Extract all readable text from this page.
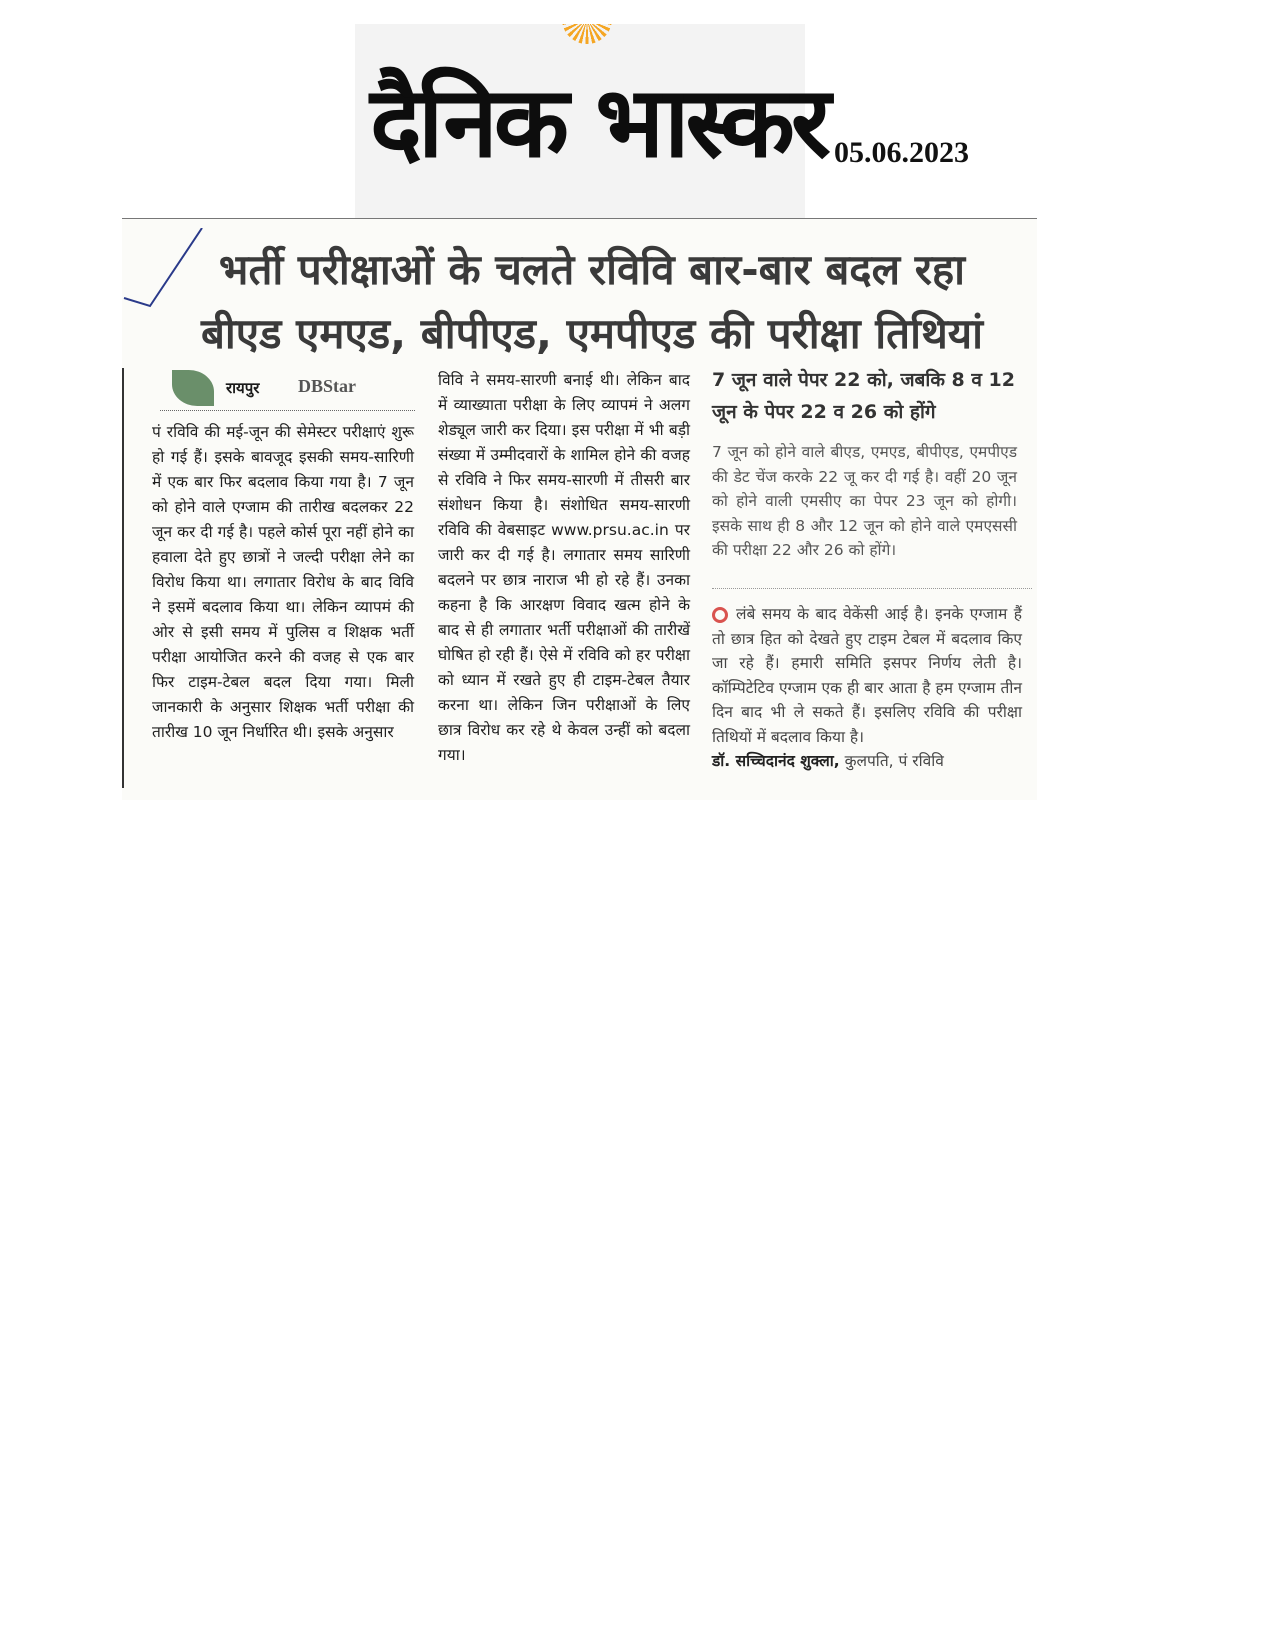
दैनिक भास्कर 05.06.2023
भर्ती परीक्षाओं के चलते रविवि बार-बार बदल रहा
बीएड एमएड, बीपीएड, एमपीएड की परीक्षा तिथियां
रायपुर DBStar
पं रविवि की मई-जून की सेमेस्टर परीक्षाएं शुरू हो गई हैं। इसके बावजूद इसकी समय-सारिणी में एक बार फिर बदलाव किया गया है। 7 जून को होने वाले एग्जाम की तारीख बदलकर 22 जून कर दी गई है। पहले कोर्स पूरा नहीं होने का हवाला देते हुए छात्रों ने जल्दी परीक्षा लेने का विरोध किया था। लगातार विरोध के बाद विवि ने इसमें बदलाव किया था। लेकिन व्यापमं की ओर से इसी समय में पुलिस व शिक्षक भर्ती परीक्षा आयोजित करने की वजह से एक बार फिर टाइम-टेबल बदल दिया गया। मिली जानकारी के अनुसार शिक्षक भर्ती परीक्षा की तारीख 10 जून निर्धारित थी। इसके अनुसार
विवि ने समय-सारणी बनाई थी। लेकिन बाद में व्याख्याता परीक्षा के लिए व्यापमं ने अलग शेड्यूल जारी कर दिया। इस परीक्षा में भी बड़ी संख्या में उम्मीदवारों के शामिल होने की वजह से रविवि ने फिर समय-सारणी में तीसरी बार संशोधन किया है। संशोधित समय-सारणी रविवि की वेबसाइट www.prsu.ac.in पर जारी कर दी गई है। लगातार समय सारिणी बदलने पर छात्र नाराज भी हो रहे हैं। उनका कहना है कि आरक्षण विवाद खत्म होने के बाद से ही लगातार भर्ती परीक्षाओं की तारीखें घोषित हो रही हैं। ऐसे में रविवि को हर परीक्षा को ध्यान में रखते हुए ही टाइम-टेबल तैयार करना था। लेकिन जिन परीक्षाओं के लिए छात्र विरोध कर रहे थे केवल उन्हीं को बदला गया।
7 जून वाले पेपर 22 को, जबकि 8 व 12 जून के पेपर 22 व 26 को होंगे
7 जून को होने वाले बीएड, एमएड, बीपीएड, एमपीएड की डेट चेंज करके 22 जू कर दी गई है। वहीं 20 जून को होने वाली एमसीए का पेपर 23 जून को होगी।इसके साथ ही 8 और 12 जून को होने वाले एमएससी की परीक्षा 22 और 26 को होंगे।
लंबे समय के बाद वेकेंसी आई है। इनके एग्जाम हैं तो छात्र हित को देखते हुए टाइम टेबल में बदलाव किए जा रहे हैं। हमारी समिति इसपर निर्णय लेती है। कॉम्पिटेटिव एग्जाम एक ही बार आता है हम एग्जाम तीन दिन बाद भी ले सकते हैं। इसलिए रविवि की परीक्षा तिथियों में बदलाव किया है।
डॉ. सच्चिदानंद शुक्ला, कुलपति, पं रविवि
